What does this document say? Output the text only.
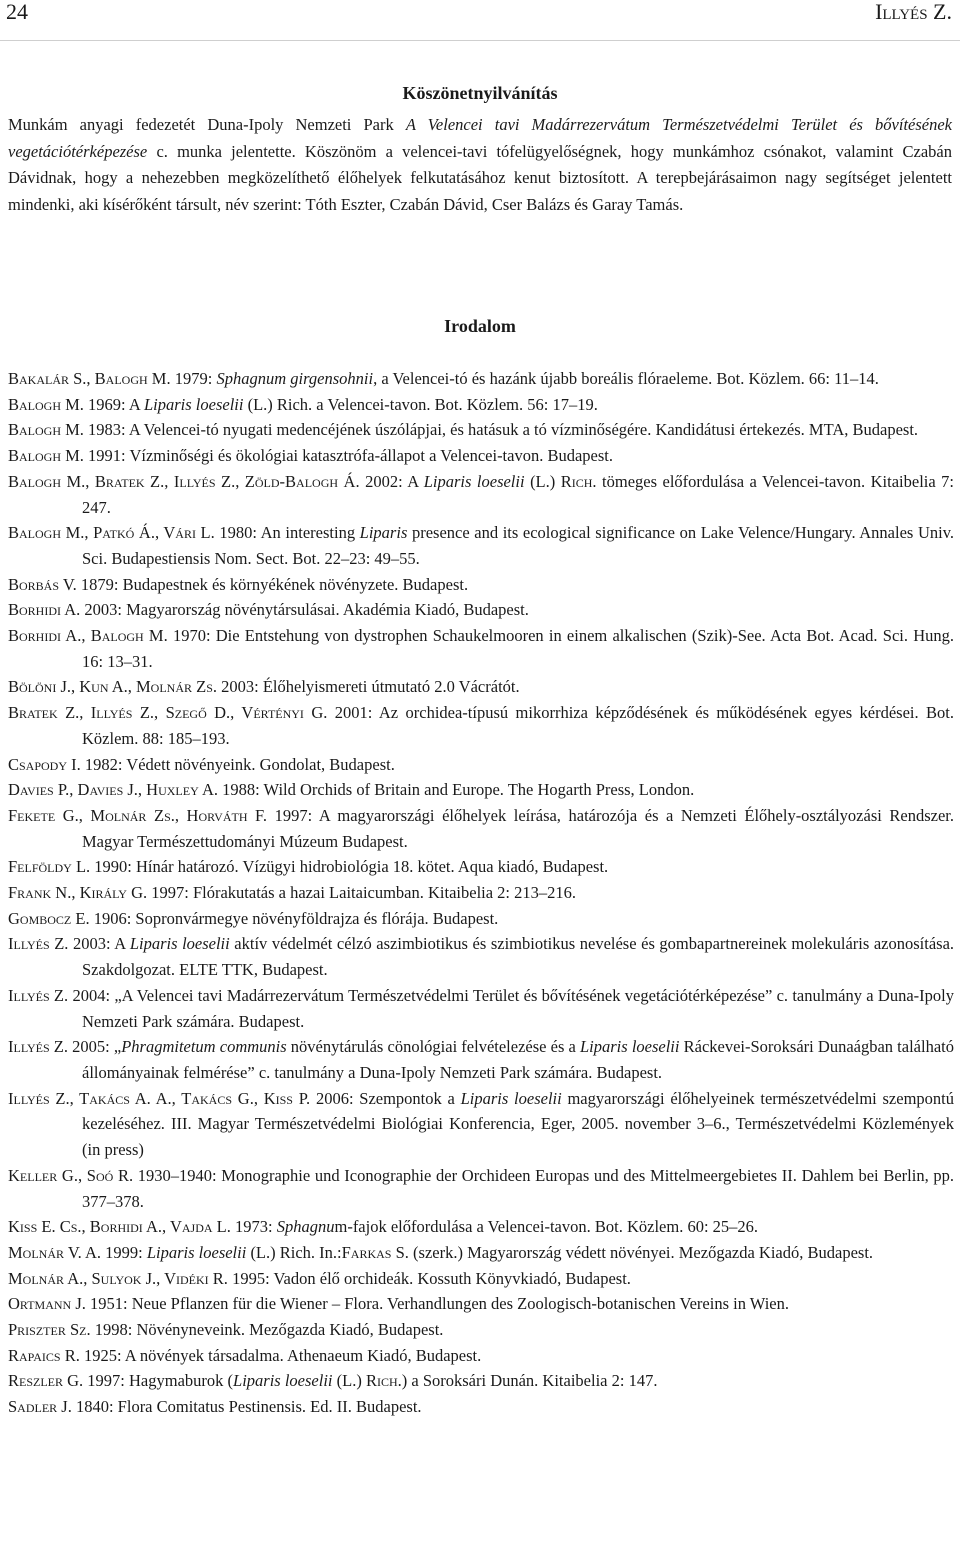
24	Illyés Z.
Köszönetnyilvánítás

Munkám anyagi fedezetét Duna-Ipoly Nemzeti Park A Velencei tavi Madárrezervátum Természetvédelmi Terület és bővítésének vegetációtérképezése c. munka jelentette. Köszönöm a velencei-tavi tófelügyelőségnek, hogy munkámhoz csónakot, valamint Czabán Dávidnak, hogy a nehezebben megközelíthető élőhelyek felkutatásához kenut biztosított. A terepbejárásaimon nagy segítséget jelentett mindenki, aki kísérőként társult, név szerint: Tóth Eszter, Czabán Dávid, Cser Balázs és Garay Tamás.

Irodalom

Bakalár S., Balogh M. 1979: Sphagnum girgensohnii, a Velencei-tó és hazánk újabb boreális flóraeleme. Bot. Közlem. 66: 11–14.

Balogh M. 1969: A Liparis loeselii (L.) Rich. a Velencei-tavon. Bot. Közlem. 56: 17–19.

Balogh M. 1983: A Velencei-tó nyugati medencéjének úszólápjai, és hatásuk a tó vízminőségére. Kandidátusi értekezés. MTA, Budapest.

Balogh M. 1991: Vízminőségi és ökológiai katasztrófa-állapot a Velencei-tavon. Budapest.

Balogh M., Bratek Z., Illyés Z., Zöld-Balogh Á. 2002: A Liparis loeselii (L.) Rich. tömeges előfordulása a Velencei-tavon. Kitaibelia 7: 247.

Balogh M., Patkó Á., Vári L. 1980: An interesting Liparis presence and its ecological significance on Lake Velence/Hungary. Annales Univ. Sci. Budapestiensis Nom. Sect. Bot. 22–23: 49–55.

Borbás V. 1879: Budapestnek és környékének növényzete. Budapest.

Borhidi A. 2003: Magyarország növénytársulásai. Akadémia Kiadó, Budapest.

Borhidi A., Balogh M. 1970: Die Entstehung von dystrophen Schaukelmooren in einem alkalischen (Szik)-See. Acta Bot. Acad. Sci. Hung. 16: 13–31.

Bölöni J., Kun A., Molnár Zs. 2003: Élőhelyismereti útmutató 2.0 Vácrátót.

Bratek Z., Illyés Z., Szegő D., Vértényi G. 2001: Az orchidea-típusú mikorrhiza képződésének és működésének egyes kérdései. Bot. Közlem. 88: 185–193.

Csapody I. 1982: Védett növényeink. Gondolat, Budapest.

Davies P., Davies J., Huxley A. 1988: Wild Orchids of Britain and Europe. The Hogarth Press, London.

Fekete G., Molnár Zs., Horváth F. 1997: A magyarországi élőhelyek leírása, határozója és a Nemzeti Élőhely-osztályozási Rendszer. Magyar Természettudományi Múzeum Budapest.

Felföldy L. 1990: Hínár határozó. Vízügyi hidrobiológia 18. kötet. Aqua kiadó, Budapest.

Frank N., Király G. 1997: Flórakutatás a hazai Laitaicumban. Kitaibelia 2: 213–216.

Gombocz E. 1906: Sopronvármegye növényföldrajza és flórája. Budapest.

Illyés Z. 2003: A Liparis loeselii aktív védelmét célzó aszimbiotikus és szimbiotikus nevelése és gombapartnereinek molekuláris azonosítása. Szakdolgozat. ELTE TTK, Budapest.

Illyés Z. 2004: „A Velencei tavi Madárrezervátum Természetvédelmi Terület és bővítésének vegetációtérképezése” c. tanulmány a Duna-Ipoly Nemzeti Park számára. Budapest.

Illyés Z. 2005: „Phragmitetum communis növénytárulás cönológiai felvételezése és a Liparis loeselii Ráckevei-Soroksári Dunaágban található állományainak felmérése” c. tanulmány a Duna-Ipoly Nemzeti Park számára. Budapest.

Illyés Z., Takács A. A., Takács G., Kiss P. 2006: Szempontok a Liparis loeselii magyarországi élőhelyeinek természetvédelmi szempontú kezeléséhez. III. Magyar Természetvédelmi Biológiai Konferencia, Eger, 2005. november 3–6., Természetvédelmi Közlemények (in press)

Keller G., Soó R. 1930–1940: Monographie und Iconographie der Orchideen Europas und des Mittelmeergebietes II. Dahlem bei Berlin, pp. 377–378.

Kiss E. Cs., Borhidi A., Vajda L. 1973: Sphagnum-fajok előfordulása a Velencei-tavon. Bot. Közlem. 60: 25–26.

Molnár V. A. 1999: Liparis loeselii (L.) Rich. In.:Farkas S. (szerk.) Magyarország védett növényei. Mezőgazda Kiadó, Budapest.

Molnár A., Sulyok J., Vidéki R. 1995: Vadon élő orchideák. Kossuth Könyvkiadó, Budapest.

Ortmann J. 1951: Neue Pflanzen für die Wiener – Flora. Verhandlungen des Zoologisch-botanischen Vereins in Wien.

Priszter Sz. 1998: Növényneveink. Mezőgazda Kiadó, Budapest.

Rapaics R. 1925: A növények társadalma. Athenaeum Kiadó, Budapest.

Reszler G. 1997: Hagymaburok (Liparis loeselii (L.) Rich.) a Soroksári Dunán. Kitaibelia 2: 147.

Sadler J. 1840: Flora Comitatus Pestinensis. Ed. II. Budapest.
